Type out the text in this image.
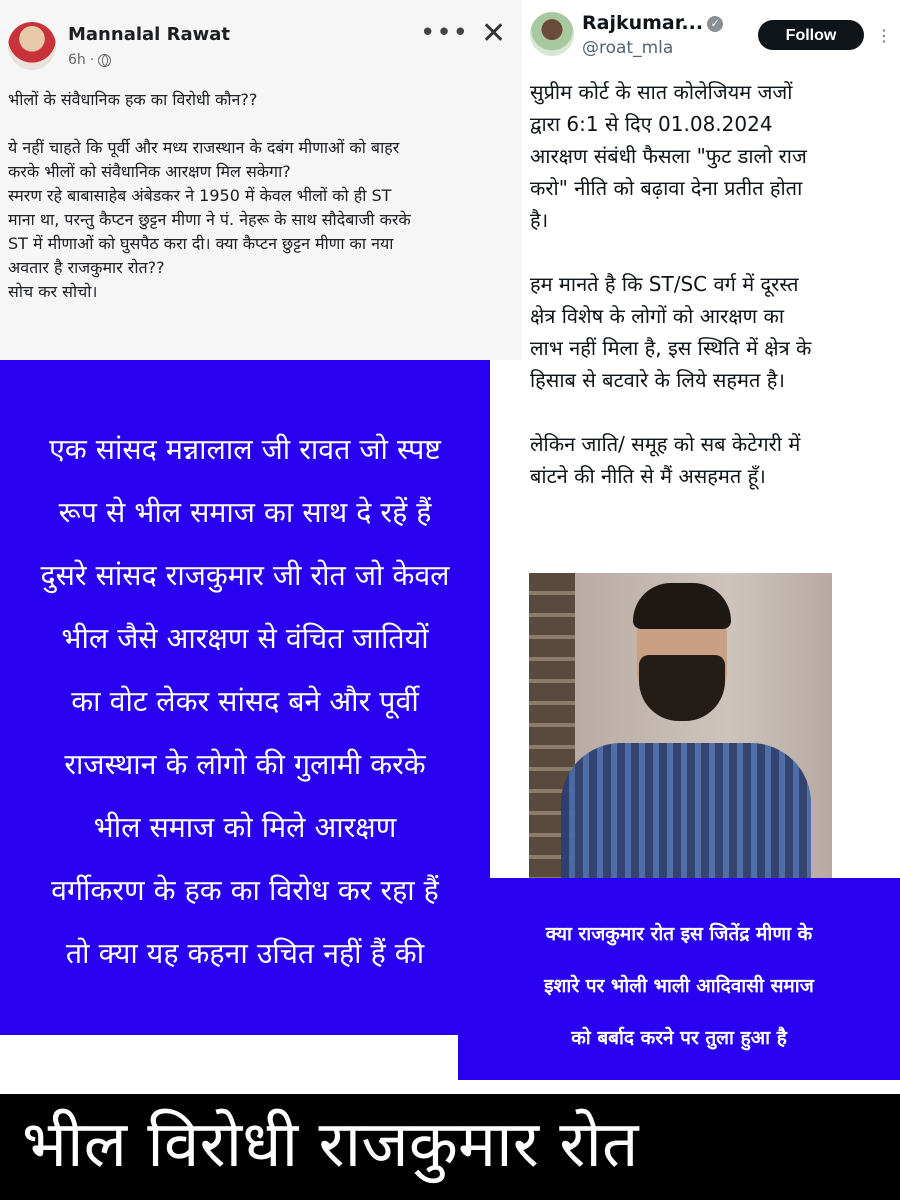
Mannalal Rawat
6h ·
••• ✕

भीलों के संवैधानिक हक का विरोधी कौन??

ये नहीं चाहते कि पूर्वी और मध्य राजस्थान के दबंग मीणाओं को बाहर

करके भीलों को संवैधानिक आरक्षण मिल सकेगा?

स्मरण रहे बाबासाहेब अंबेडकर ने 1950 में केवल भीलों को ही ST

माना था, परन्तु कैप्टन छुट्टन मीणा ने पं. नेहरू के साथ सौदेबाजी करके

ST में मीणाओं को घुसपैठ करा दी। क्या कैप्टन छुट्टन मीणा का नया

अवतार है राजकुमार रोत??

सोच कर सोचो।

Rajkumar... ✓
@roat_mla
Follow	⋮

सुप्रीम कोर्ट के सात कोलेजियम जजों

द्वारा 6:1 से दिए 01.08.2024

आरक्षण संबंधी फैसला "फुट डालो राज

करो" नीति को बढ़ावा देना प्रतीत होता

है।

हम मानते है कि ST/SC वर्ग में दूरस्त

क्षेत्र विशेष के लोगों को आरक्षण का

लाभ नहीं मिला है, इस स्थिति में क्षेत्र के

हिसाब से बटवारे के लिये सहमत है।

लेकिन जाति/ समूह को सब केटेगरी में

बांटने की नीति से मैं असहमत हूँ।

एक सांसद मन्नालाल जी रावत जो स्पष्ट

रूप से भील समाज का साथ दे रहें हैं

दुसरे सांसद राजकुमार जी रोत जो केवल

भील जैसे आरक्षण से वंचित जातियों

का वोट लेकर सांसद बने और पूर्वी

राजस्थान के लोगो की गुलामी करके

भील समाज को मिले आरक्षण

वर्गीकरण के हक का विरोध कर रहा हैं

तो क्या यह कहना उचित नहीं हैं की

क्या राजकुमार रोत इस जितेंद्र मीणा के

इशारे पर भोली भाली आदिवासी समाज

को बर्बाद करने पर तुला हुआ है

भील विरोधी राजकुमार रोत
